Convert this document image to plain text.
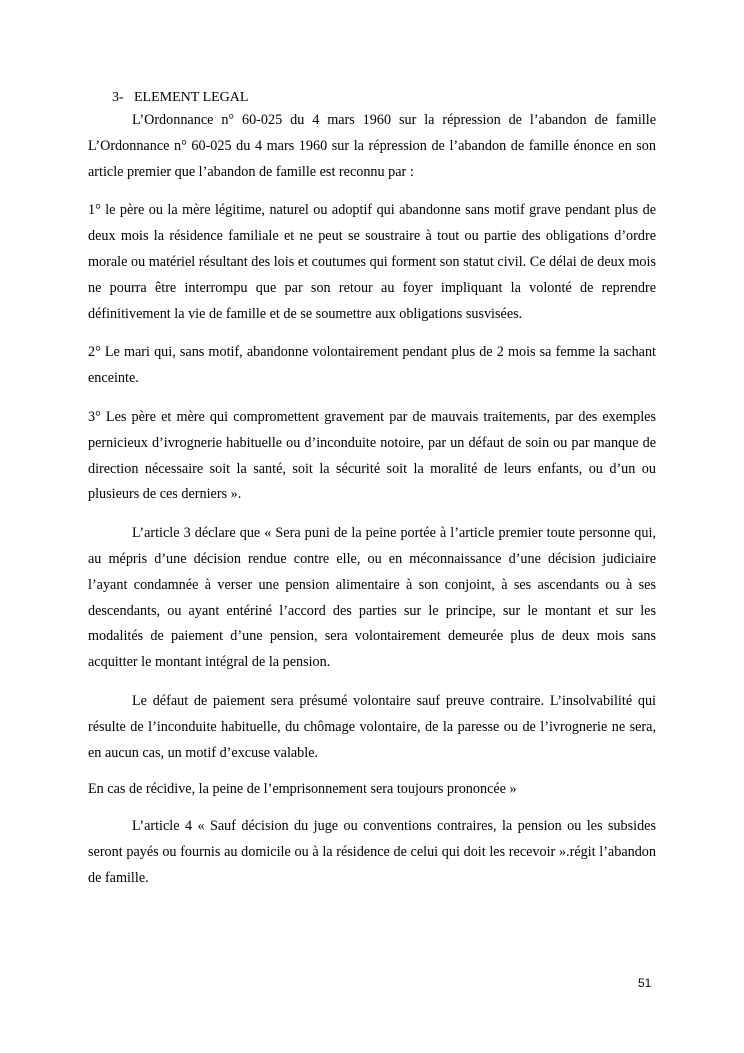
3- ELEMENT LEGAL

L’Ordonnance n° 60-025 du 4 mars 1960 sur la répression de l’abandon de famille L’Ordonnance n° 60-025 du 4 mars 1960 sur la répression de l’abandon de famille énonce en son article premier que l’abandon de famille est reconnu par :

1° le père ou la mère légitime, naturel ou adoptif qui abandonne sans motif grave pendant plus de deux mois la résidence familiale et ne peut se soustraire à tout ou partie des obligations d’ordre morale ou matériel résultant des lois et coutumes qui forment son statut civil. Ce délai de deux mois ne pourra être interrompu que par son retour au foyer impliquant la volonté de reprendre définitivement la vie de famille et de se soumettre aux obligations susvisées.

2° Le mari qui, sans motif, abandonne volontairement pendant plus de 2 mois sa femme la sachant enceinte.

3° Les père et mère qui compromettent gravement par de mauvais traitements, par des exemples pernicieux d’ivrognerie habituelle ou d’inconduite notoire, par un défaut de soin ou par manque de direction nécessaire soit la santé, soit la sécurité soit la moralité de leurs enfants, ou d’un ou plusieurs de ces derniers ».

L’article 3 déclare que « Sera puni de la peine portée à l’article premier toute personne qui, au mépris d’une décision rendue contre elle, ou en méconnaissance d’une décision judiciaire l’ayant condamnée à verser une pension alimentaire à son conjoint, à ses ascendants ou à ses descendants, ou ayant entériné l’accord des parties sur le principe, sur le montant et sur les modalités de paiement d’une pension, sera volontairement demeurée plus de deux mois sans acquitter le montant intégral de la pension.

Le défaut de paiement sera présumé volontaire sauf preuve contraire. L’insolvabilité qui résulte de l’inconduite habituelle, du chômage volontaire, de la paresse ou de l’ivrognerie ne sera, en aucun cas, un motif d’excuse valable.

En cas de récidive, la peine de l’emprisonnement sera toujours prononcée »

L’article 4 « Sauf décision du juge ou conventions contraires, la pension ou les subsides seront payés ou fournis au domicile ou à la résidence de celui qui doit les recevoir ».régit l’abandon de famille.

51
